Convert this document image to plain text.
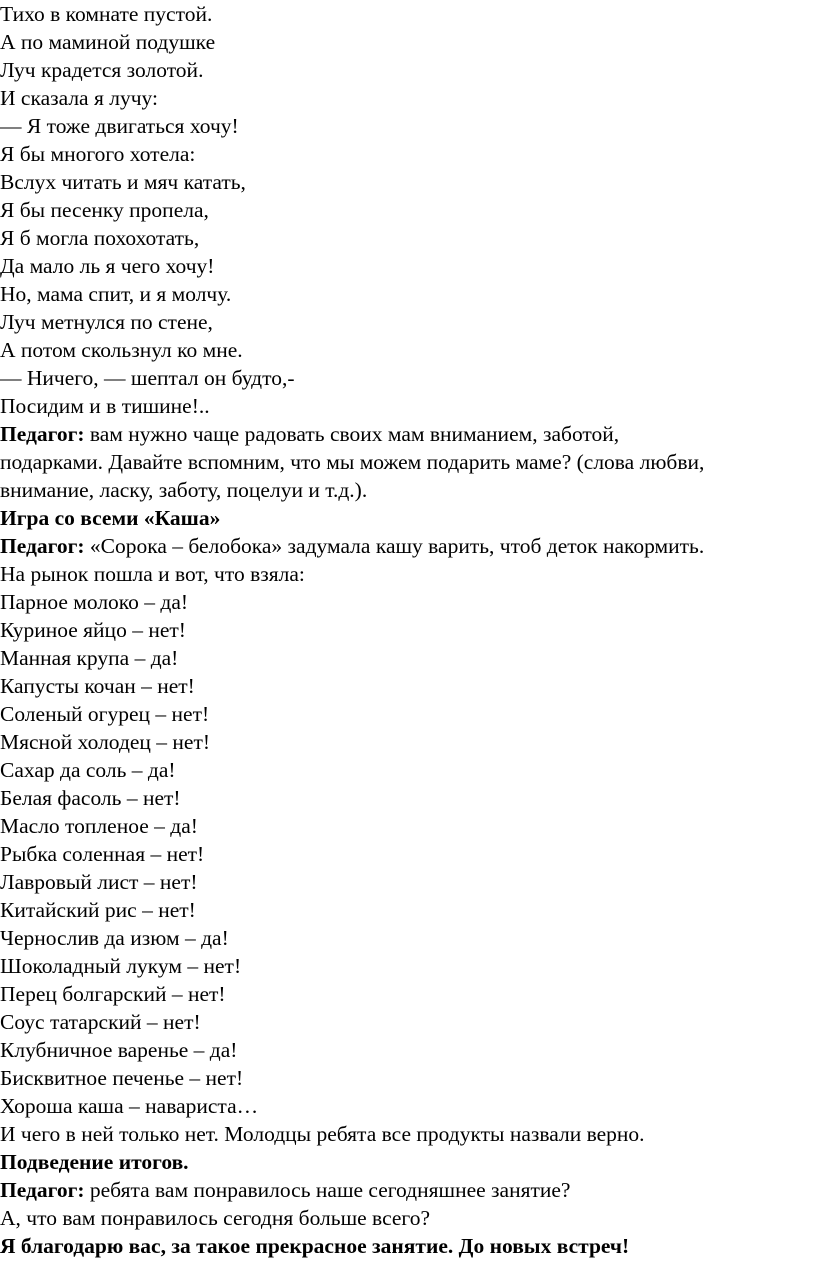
Тихо в комнате пустой.
А по маминой подушке
Луч крадется золотой.
И сказала я лучу:
— Я тоже двигаться хочу!
Я бы многого хотела:
Вслух читать и мяч катать,
Я бы песенку пропела,
Я б могла похохотать,
Да мало ль я чего хочу!
Но, мама спит, и я молчу.
Луч метнулся по стене,
А потом скользнул ко мне.
— Ничего, — шептал он будто,-
Посидим и в тишине!..
Педагог: вам нужно чаще радовать своих мам вниманием, заботой,
подарками. Давайте вспомним, что мы можем подарить маме? (слова любви,
внимание, ласку, заботу, поцелуи и т.д.).
Игра со всеми «Каша»
Педагог: «Сорока – белобока» задумала кашу варить, чтоб деток накормить.
На рынок пошла и вот, что взяла:
Парное молоко – да!
Куриное яйцо – нет!
Манная крупа – да!
Капусты кочан – нет!
Соленый огурец – нет!
Мясной холодец – нет!
Сахар да соль – да!
Белая фасоль – нет!
Масло топленое – да!
Рыбка соленная – нет!
Лавровый лист – нет!
Китайский рис – нет!
Чернослив да изюм – да!
Шоколадный лукум – нет!
Перец болгарский – нет!
Соус татарский – нет!
Клубничное варенье – да!
Бисквитное печенье – нет!
Хороша каша – навариста…
И чего в ней только нет. Молодцы ребята все продукты назвали верно.
Подведение итогов.
Педагог: ребята вам понравилось наше сегодняшнее занятие?
А, что вам понравилось сегодня больше всего?
Я благодарю вас, за такое прекрасное занятие. До новых встреч!
